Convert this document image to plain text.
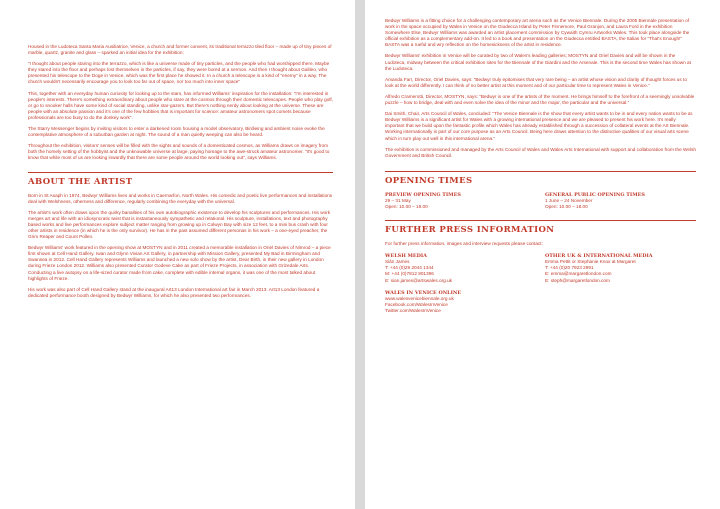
Housed in the Ludoteca Santa Maria Ausiliatrice, Venice, a church and former convent, its traditional terrazzo tiled floor – made up of tiny pieces of marble, quartz, granite and glass – sparked an initial idea for the exhibition:

“I thought about people staring into the terrazzo, which is like a universe made of tiny particles, and the people who had worshipped there. Maybe they stared into the floor and perhaps lost themselves in the particles, if say, they were bored at a sermon. And then I thought about Galileo, who presented his telescope to the Doge in Venice, which was the first place he showed it. In a church a telescope is a kind of “enemy” in a way. The church wouldn't necessarily encourage you to look too far out of space, nor too much into inner space”

This, together with an everyday human curiosity for looking up to the stars, has informed Williams' inspiration for the installation: “I'm interested in people's interests. There's something extraordinary about people who stare at the cosmos through their domestic telescopes. People who play golf, or go to snooker halls have some kind of social standing, unlike star-gazers. But there's nothing nerdy about looking at the universe. These are people with an absolute passion and it's one of the few hobbies that is important for science: amateur astronomers spot comets because professionals are too busy to do the donkey work”.

The Starry Messenger begins by inviting visitors to enter a darkened room housing a model observatory, Birdieing and ambient noise evoke the contemplative atmosphere of a suburban garden at night. The sound of a man quietly weeping can also be heard.

Throughout the exhibition, visitors' senses will be filled with the sights and sounds of a domesticated cosmos, as Williams draws on imagery from both the homely setting of the hobbyist and the unknowable universe at large, paying homage to the awe-struck amateur astronomer. “It's good to know that while most of us are looking inwardly that there are some people around the world looking out”, says Williams.

ABOUT THE ARTIST

Born in St Asaph in 1974, Bedwyr Williams lives and works in Caernarfon, North Wales. His comedic and poetic live performances and installations deal with Welshness, otherness and difference, regularly combining the everyday with the universal.

The artist's work often draws upon the quirky banalities of his own autobiographic existence to develop his sculptures and performances. His work merges art and life with an idiosyncratic twist that is instantaneously sympathetic and relational. His sculpture, installations, text and photography based works and live performances explore subject matter ranging from growing up in Colwyn Bay with size 12 feet, to a mini bus crash with four other artists in residence (in which he is the only survivor). He has in the past assumed different personas in his work – a one-eyed preacher, the Grim Reaper and Count Pollen.

Bedwyr Williams' work featured in the opening show at MOSTYN and in 2011 created a memorable installation in Oriel Davies of Nimrod – a piece first shown at Cell Hand Gallery. Iwan and Glynn Vivian Art Gallery, in partnership with Mission Gallery, presented My Bad in Birmingham and Swansea in 2012. Cell Hand Gallery represents Williams and launched a new solo show by the artist, Dear Birth, in their new gallery in London during Frieze London 2012. Williams also presented Curator Godeve Cake as part of Frieze Projects, in association with Grizedale Arts. Conducting a live autopsy on a life-sized curator made from cake, complete with edible internal organs, it was one of the most talked about highlights of Frieze.

His work was also part of Cell Hand Gallery stand at the inaugural Art13 London International art fair in March 2013. Art13 London featured a dedicated performance booth designed by Bedwyr Williams, for which he also presented two performances.

Bedwyr Williams is a fitting choice for a challenging contemporary art arena such as the Venice Biennale. During the 2005 Biennale presentation of work in the space occupied by Wales in Venice on the Giudecca Island by Peter Finnemore, Paul Granjon, and Laura Ford in the exhibition Somewhere Else, Bedwyr Williams was awarded an artist placement commission by Cywaith Cymru Artworks Wales. This took place alongside the official exhibition as a complementary add-on. It led to a book and presentation on the Giudecca entitled BASTA, the Italian for “That's Enough!” BASTA was a rueful and wry reflection on the homesickness of the artist in residence.

Bedwyr Williams' exhibition in Venice will be curated by two of Wales's leading galleries; MOSTYN and Oriel Davies and will be shown in the Ludoteca, midway between the critical exhibition sites for the Biennale of the Giardini and the Arsenale. This is the second time Wales has shown at the Ludoteca.

Amanda Farr, Director, Oriel Davies, says: “Bedwyr truly epitomises that very rare being – an artist whose vision and clarity of thought forces us to look at the world differently. I can think of no better artist at this moment and of our particular time to represent Wales in Venice.”

Alfredo Cramerotti, Director, MOSTYN, says: “Bedwyr is one of the artists of the moment. He brings himself to the forefront of a seemingly unsolvable puzzle – how to bridge, deal with and even solve the idea of the minor and the major, the particular and the universal.”

Dai Smith, Chair, Arts Council of Wales, concluded: “The Venice Biennale is the show that every artist wants to be in and every nation wants to be at. Bedwyr Williams is a significant artist for Wales with a growing international presence and we are pleased to present his work here. It's really important that we build upon the fantastic profile which Wales has already established through a succession of collateral events at the Art Biennale. Working internationally is part of our core purpose as an Arts Council. Being here draws attention to the distinctive qualities of our visual arts scene which in turn play out well in this international arena.”

The exhibition is commissioned and managed by the Arts Council of Wales and Wales Arts International with support and collaboration from the Welsh Government and British Council.

OPENING TIMES
PREVIEW OPENING TIMES
29 – 31 May
Open: 10.00 – 19.00
GENERAL PUBLIC OPENING TIMES
1 June – 24 November
Open: 10.00 – 18.00
FURTHER PRESS INFORMATION

For further press information, images and interview requests please contact:

WELSH MEDIA
Siân James
T: +44 (0)29 2044 1344
M: +44 (0)7812 801396
E: sian.james@artswales.org.uk
OTHER UK & INTERNATIONAL MEDIA
Emma Pettit or Stephanie Knox at Margaret
T: +44 (0)20 7923 2991
E: emma@margaretlondon.com
E: steph@margaretlondon.com
WALES IN VENICE ONLINE
www.walesvenicebiennale.org.uk
Facebook.com/WalesInVenice
Twitter.com/WalesInVenice
